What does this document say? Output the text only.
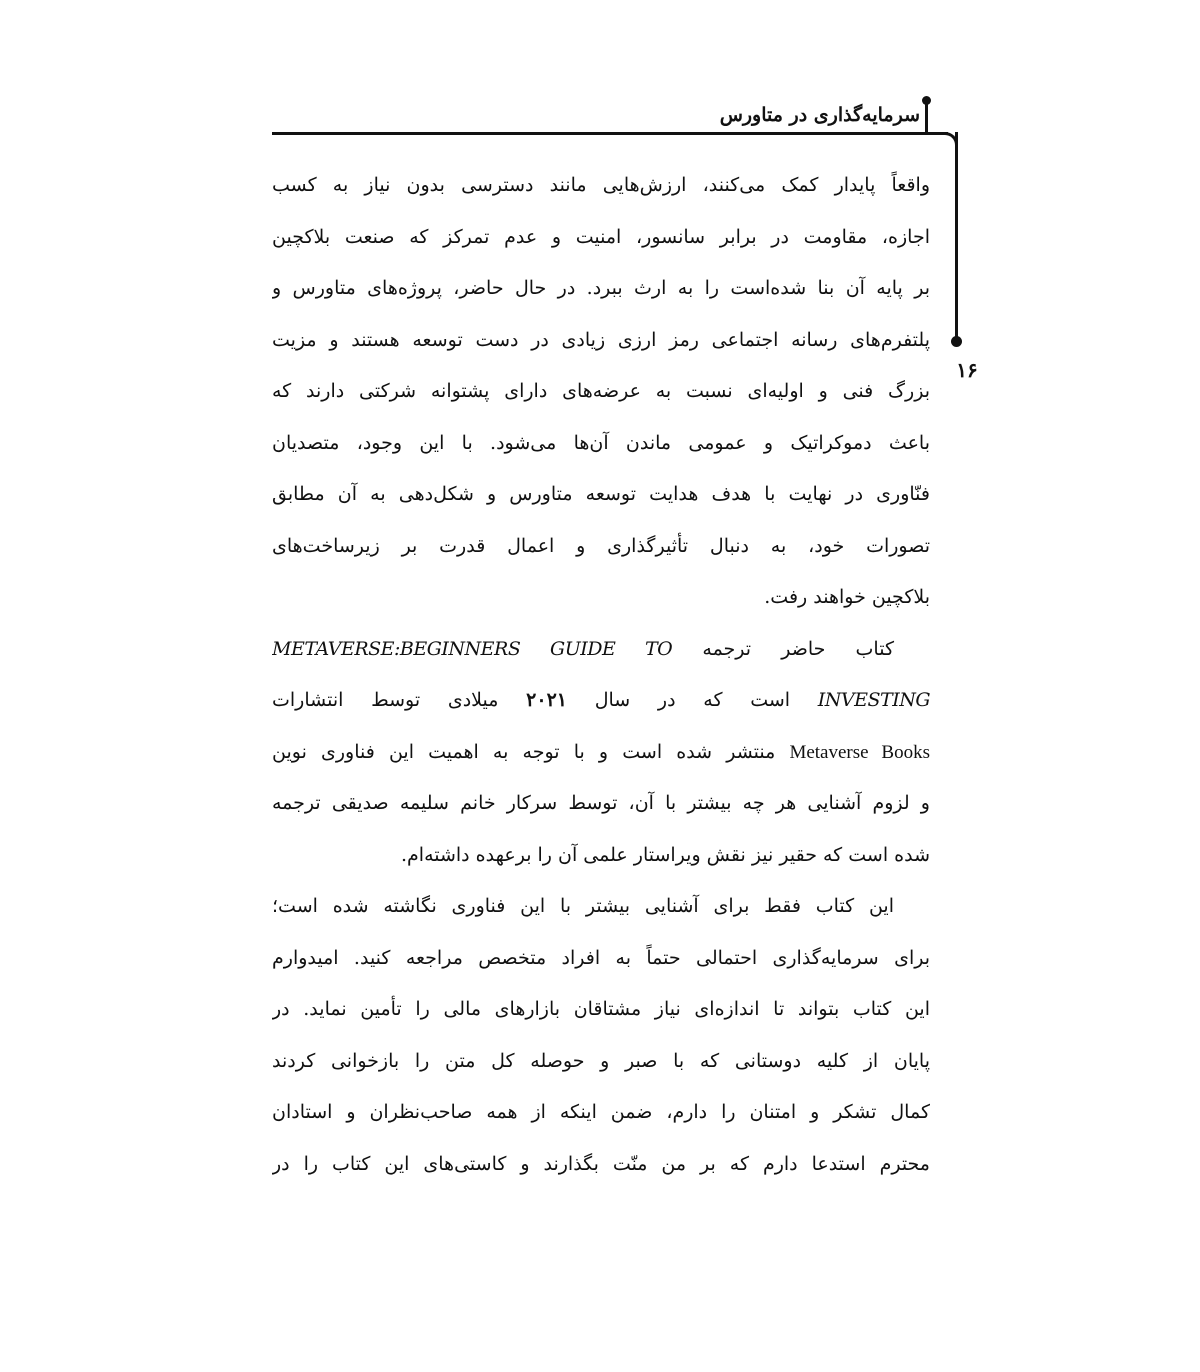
سرمایه‌گذاری در متاورس
۱۶
واقعاً پایدار کمک می‌کنند، ارزش‌هایی مانند دسترسی بدون نیاز به کسب
اجازه، مقاومت در برابر سانسور، امنیت و عدم تمرکز که صنعت بلاکچین
بر پایه آن بنا شده‌است را به ارث ببرد. در حال حاضر، پروژه‌های متاورس و
پلتفرم‌های رسانه اجتماعی رمز ارزی زیادی در دست توسعه هستند و مزیت
بزرگ فنی و اولیه‌ای نسبت به عرضه‌های دارای پشتوانه شرکتی دارند که
باعث دموکراتیک و عمومی ماندن آن‌ها می‌شود. با این وجود، متصدیان
فنّاوری در نهایت با هدف هدایت توسعه متاورس و شکل‌دهی به آن مطابق
تصورات خود، به دنبال تأثیرگذاری و اعمال قدرت بر زیرساخت‌های
بلاکچین خواهند رفت.
کتاب حاضر ترجمه METAVERSE:BEGINNERS GUIDE TO
INVESTING است که در سال ۲۰۲۱ میلادی توسط انتشارات
Metaverse Books منتشر شده است و با توجه به اهمیت این فناوری نوین
و لزوم آشنایی هر چه بیشتر با آن، توسط سرکار خانم سلیمه صدیقی ترجمه
شده است که حقیر نیز نقش ویراستار علمی آن را برعهده داشته‌ام.
این کتاب فقط برای آشنایی بیشتر با این فناوری نگاشته شده است؛
برای سرمایه‌گذاری احتمالی حتماً به افراد متخصص مراجعه کنید. امیدوارم
این کتاب بتواند تا اندازه‌ای نیاز مشتاقان بازارهای مالی را تأمین نماید. در
پایان از کلیه دوستانی که با صبر و حوصله کل متن را بازخوانی کردند
کمال تشکر و امتنان را دارم، ضمن اینکه از همه صاحب‌نظران و استادان
محترم استدعا دارم که بر من منّت بگذارند و کاستی‌های این کتاب را در
